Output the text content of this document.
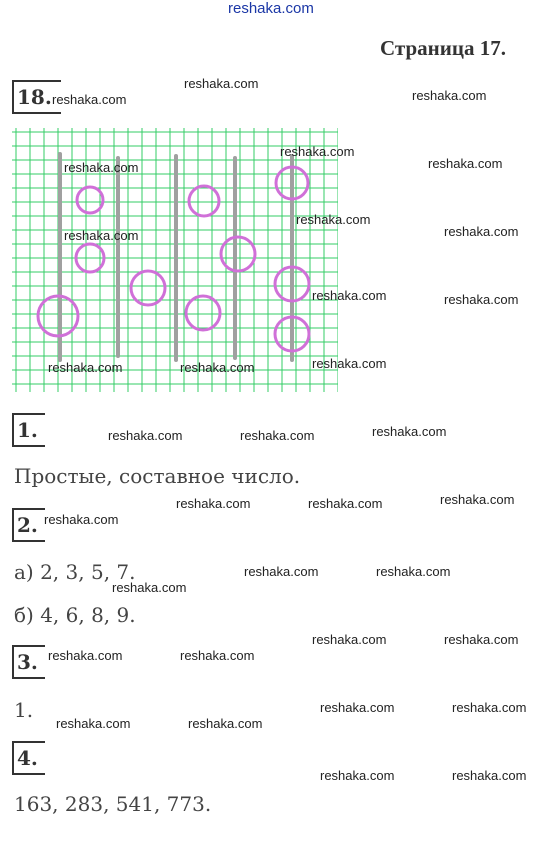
reshaka.com
Страница 17.
18.
1.
Простые, составное число.
2.
а) 2, 3, 5, 7.
б) 4, 6, 8, 9.
3.
1.
4.
163, 283, 541, 773.
reshaka.com
reshaka.com
reshaka.com
reshaka.com
reshaka.com
reshaka.com
reshaka.com
reshaka.com
reshaka.com
reshaka.com	reshaka.com
reshaka.com
reshaka.com	reshaka.com
reshaka.com
reshaka.com	reshaka.com
reshaka.com
reshaka.com	reshaka.com
reshaka.com
reshaka.com	reshaka.com
reshaka.com
reshaka.com	reshaka.com
reshaka.com	reshaka.com
reshaka.com	reshaka.com
reshaka.com	reshaka.com
reshaka.com	reshaka.com
